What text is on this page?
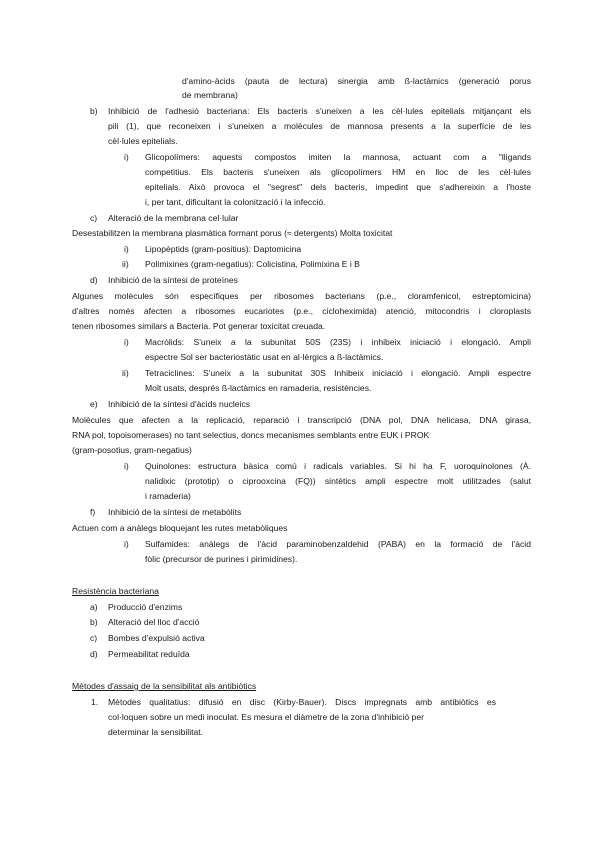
d'amino-àcids (pauta de lectura) sinergia amb ß-lactàmics (generació porus
de membrana)
b) Inhibició de l'adhesió bacteriana: Els bacteris s'uneixen a les cèl·lules epitelials mitjançant els
pili (1), que reconeixen i s'uneixen a molècules de mannosa presents a la superfície de les
cèl·lules epitelials.
i) Glicopolímers: aquests compostos imiten la mannosa, actuant com a "lligands
competitius. Els bacteris s'uneixen als glicopolímers HM en lloc de les cèl·lules
epitelials. Això provoca el "segrest" dels bacteris, impedint que s'adhereixin a l'hoste
i, per tant, dificultant la colonització i la infecció.
c) Alteració de la membrana cel·lular
Desestabilitzen la membrana plasmàtica formant porus (≈ detergents) Molta toxicitat
i) Lipopèptids (gram-positius): Daptomicina
ii) Polimixines (gram-negatius): Colicistina, Polimixina E i B
d) Inhibició de la síntesi de proteïnes
Algunes molècules són específiques per ribosomes bacterians (p.e., cloramfenicol, estreptomicina)
d'altres només afecten a ribosomes eucariotes (p.e., cicloheximida) atenció, mitocondris i cloroplasts
tenen ribosomes similars a Bacteria. Pot generar toxicitat creuada.
i) Macròlids: S'uneix a la subunitat 50S (23S) i inhibeix iniciació i elongació. Ampli
espectre Sol ser bacteriostàtic usat en al·lèrgics a ß-lactàmics.
ii) Tetraciclines: S'uneix a la subunitat 30S Inhibeix iniciació i elongació. Ampli espectre
Molt usats, després ß-lactàmics en ramaderia, resistències.
e) Inhibició de la síntesi d'àcids nucleics
Molècules que afecten a la replicació, reparació i transcripció (DNA pol, DNA helicasa, DNA girasa,
RNA pol, topoisomerases) no tant selectius, doncs mecanismes semblants entre EUK i PROK
(gram-posotius, gram-negatius)
i) Quinolones: estructura bàsica comú i radicals variables. Si hi ha F, uoroquinolones (À.
nalidixic (prototip) o ciprooxcina (FQ)) sintètics ampli espectre molt utilitzades (salut
i ramaderia)
f) Inhibició de la síntesi de metabòlits
Actuen com a anàlegs bloquejant les rutes metabòliques
i) Sulfamides: anàlegs de l'àcid paraminobenzaldehid (PABA) en la formació de l'àcid
fòlic (precursor de purines i pirimidines).
Resistència bacteriana
a) Producció d'enzims
b) Alteració del lloc d'acció
c) Bombes d'expulsió activa
d) Permeabilitat reduïda
Mètodes d'assaig de la sensibilitat als antibiòtics
1. Mètodes qualitatius: difusió en disc (Kirby-Bauer). Discs impregnats amb antibiòtics es
col·loquen sobre un medi inoculat. Es mesura el diàmetre de la zona d'inhibició per
determinar la sensibilitat.
